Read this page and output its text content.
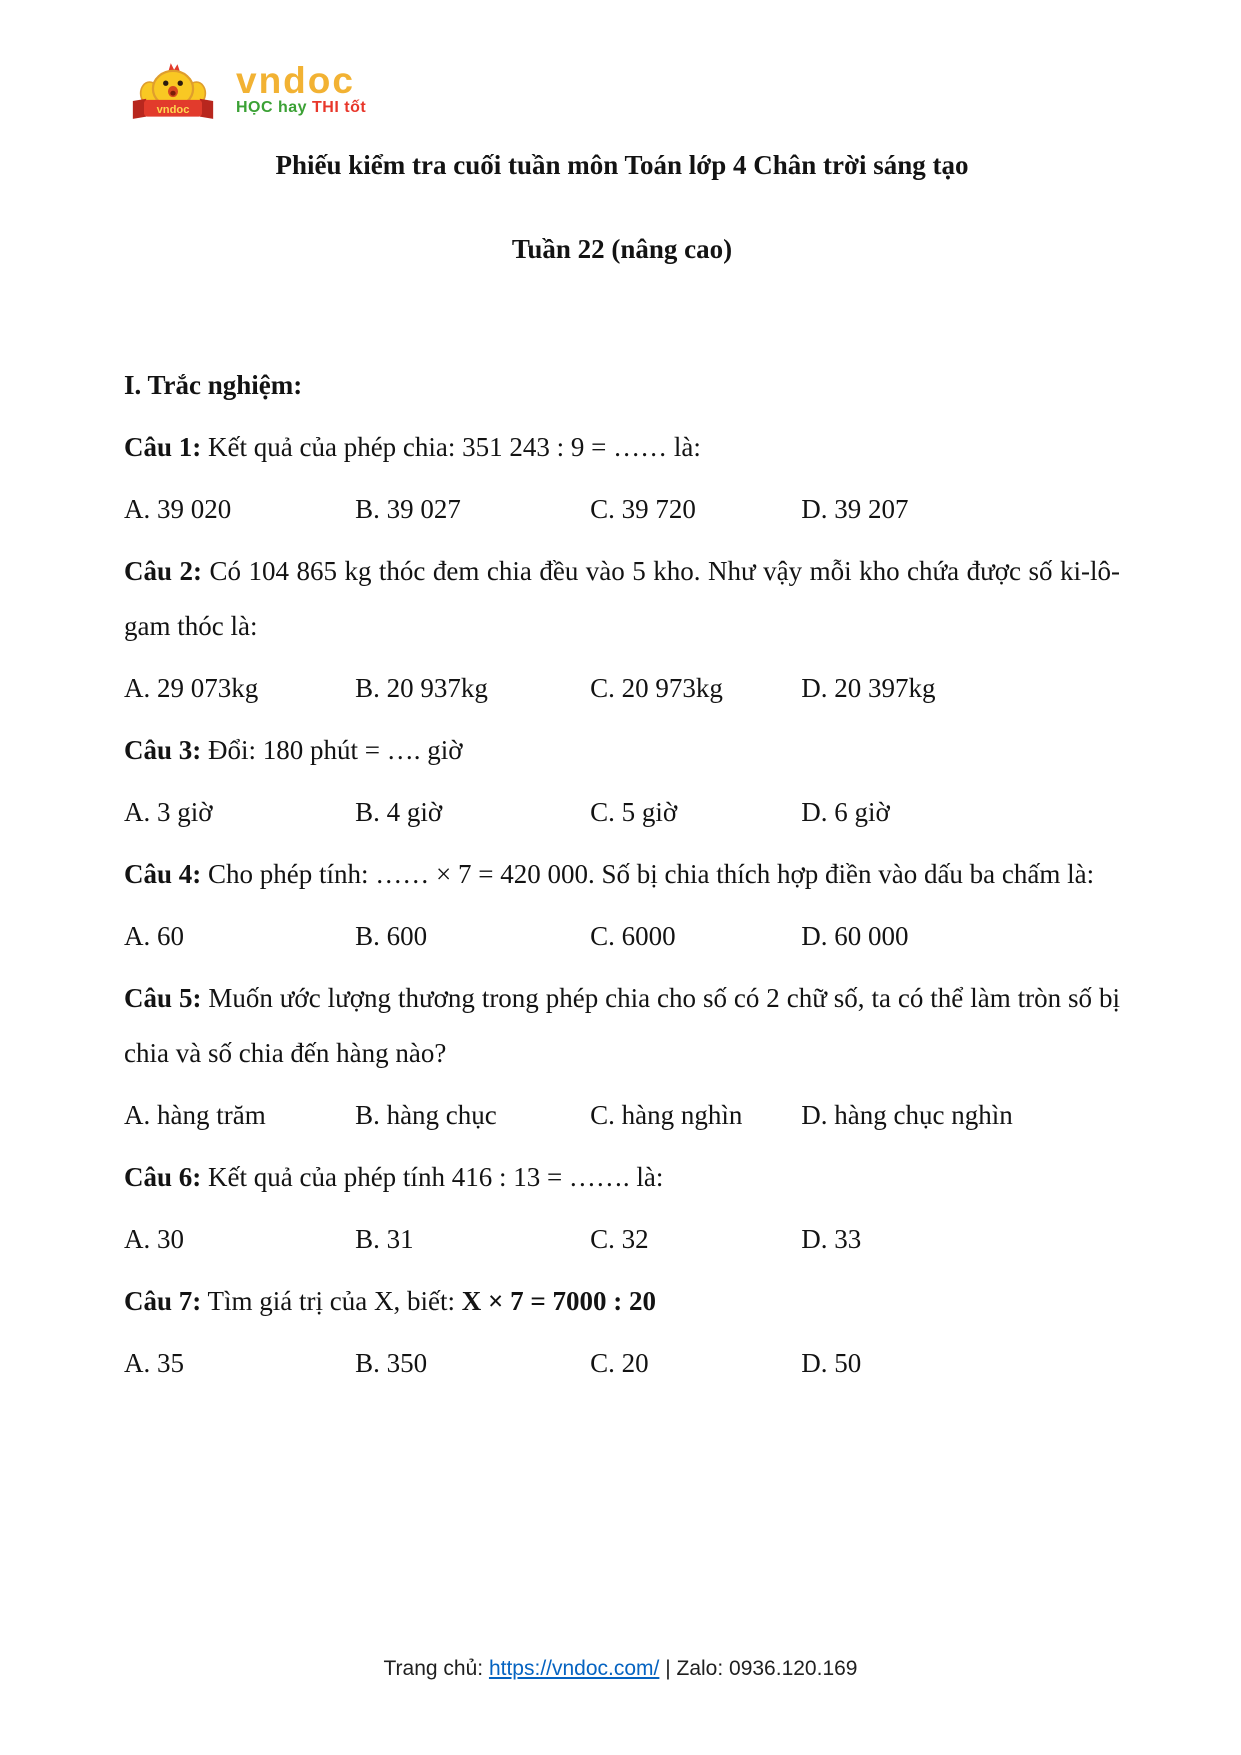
vndoc
vndoc
HỌC hay THI tốt
Phiếu kiểm tra cuối tuần môn Toán lớp 4 Chân trời sáng tạo
Tuần 22 (nâng cao)

I. Trắc nghiệm:

Câu 1: Kết quả của phép chia: 351 243 : 9 = …… là:

A. 39 020	B. 39 027	C. 39 720	D. 39 207

Câu 2: Có 104 865 kg thóc đem chia đều vào 5 kho. Như vậy mỗi kho chứa được số ki-lô-gam thóc là:

A. 29 073kg	B. 20 937kg	C. 20 973kg	D. 20 397kg

Câu 3: Đổi: 180 phút = …. giờ

A. 3 giờ	B. 4 giờ	C. 5 giờ	D. 6 giờ

Câu 4: Cho phép tính: …… × 7 = 420 000. Số bị chia thích hợp điền vào dấu ba chấm là:

A. 60	B. 600	C. 6000	D. 60 000

Câu 5: Muốn ước lượng thương trong phép chia cho số có 2 chữ số, ta có thể làm tròn số bị chia và số chia đến hàng nào?

A. hàng trăm	B. hàng chục	C. hàng nghìn	D. hàng chục nghìn

Câu 6: Kết quả của phép tính 416 : 13 = ……. là:

A. 30	B. 31	C. 32	D. 33

Câu 7: Tìm giá trị của X, biết: X × 7 = 7000 : 20

A. 35	B. 350	C. 20	D. 50
Trang chủ: https://vndoc.com/ | Zalo: 0936.120.169
